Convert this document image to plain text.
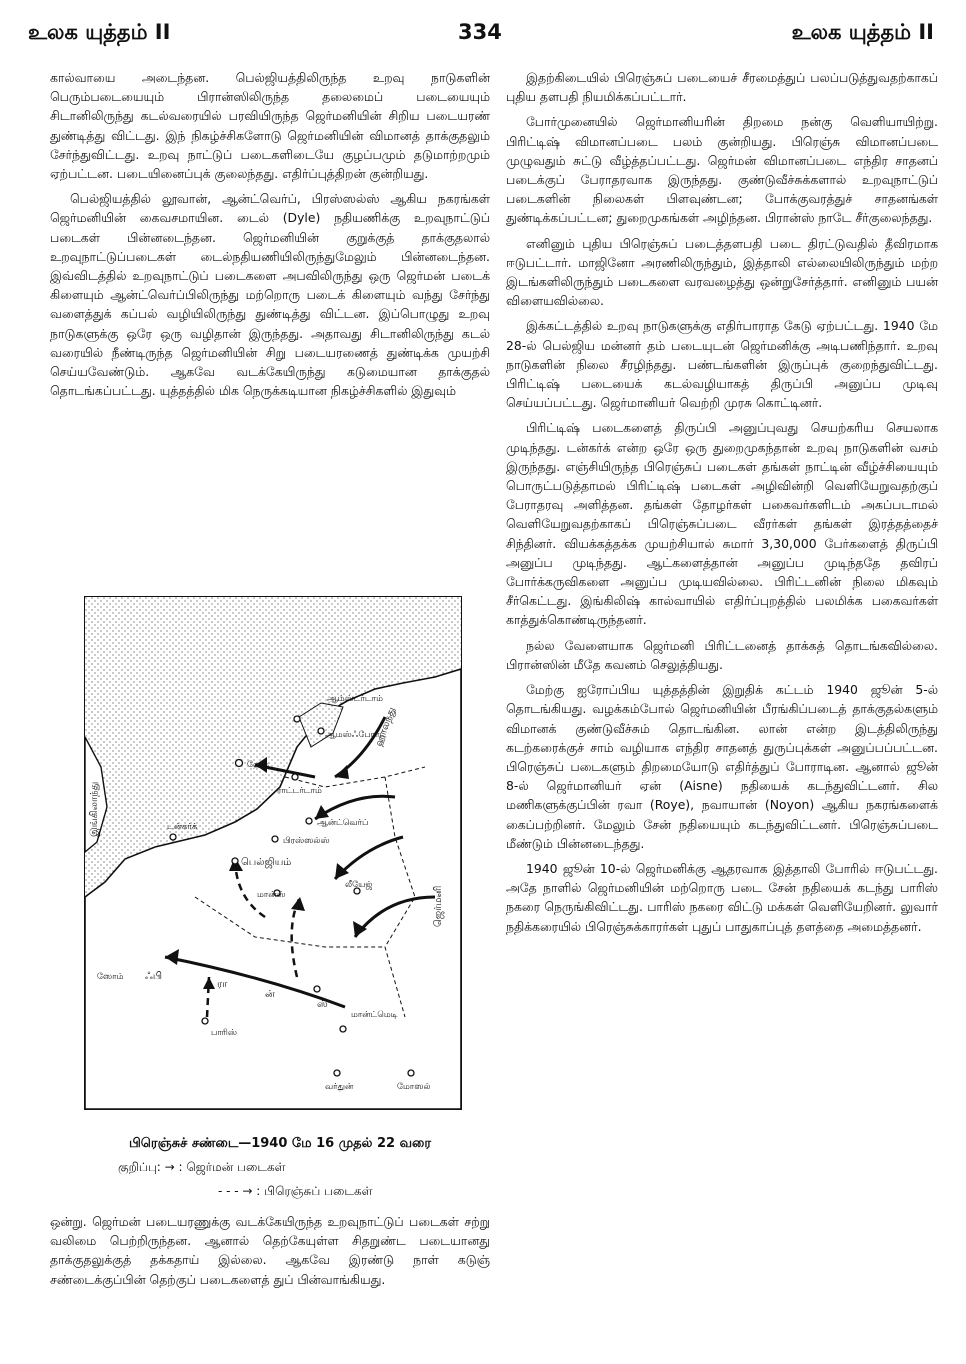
உலக யுத்தம் II	334	உலக யுத்தம் II

கால்வாயை அடைந்தன. பெல்ஜியத்திலிருந்த உறவு நாடுகளின் பெரும்படையையும் பிரான்ஸிலிருந்த தலைமைப் படையையும் சிடானிலிருந்து கடல்வரையில் பரவியிருந்த ஜெர்மனியின் சிறிய படையரண் துண்டித்து விட்டது. இந் நிகழ்ச்சிகளோடு ஜெர்மனியின் விமானத் தாக்குதலும் சேர்ந்துவிட்டது. உறவு நாட்டுப் படைகளிடையே குழப்பமும் தடுமாற்றமும் ஏற்பட்டன. படையினைப்புக் குலைந்தது. எதிர்ப்புத்திறன் குன்றியது.

பெல்ஜியத்தில் லூவான், ஆன்ட்வெர்ப், பிரஸ்ஸல்ஸ் ஆகிய நகரங்கள் ஜெர்மனியின் கைவசமாயின. டைல் (Dyle) நதியணிக்கு உறவுநாட்டுப் படைகள் பின்னடைந்தன. ஜெர்மனியின் குறுக்குத் தாக்குதலால் உறவுநாட்டுப்படைகள் டைல்நதியணியிலிருந்துமேலும் பின்னடைந்தன. இவ்விடத்தில் உறவுநாட்டுப் படைகளை அபவிலிருந்து ஒரு ஜெர்மன் படைக் கிளையும் ஆன்ட்வெர்ப்பிலிருந்து மற்றொரு படைக் கிளையும் வந்து சேர்ந்து வளைத்துக் கப்பல் வழியிலிருந்து துண்டித்து விட்டன. இப்பொழுது உறவு நாடுகளுக்கு ஒரே ஒரு வழிதான் இருந்தது. அதாவது சிடானிலிருந்து கடல் வரையில் நீண்டிருந்த ஜெர்மனியின் சிறு படையரணைத் துண்டிக்க முயற்சி செய்யவேண்டும். ஆகவே வடக்கேயிருந்து கடுமையான தாக்குதல் தொடங்கப்பட்டது. யுத்தத்தில் மிக நெருக்கடியான நிகழ்ச்சிகளில் இதுவும்

ஆம்ஸ்டர்டாம்
ஆமஸ்ஃபோர்ட்
ஹேக்
ராட்டர்டாம்
ஆன்ட்வெர்ப்
டன்கர்க்
பிரஸ்ஸல்ஸ்
பெல்ஜியம்
மான்ஸ்
லீயேஜ்
ஹாலந்து
ஜெர்மனி
இங்கிலாந்து
ஸோம் ஃபி
ரா
ன்
ஸ்
பாரிஸ்
மான்ட்மெடி
வர்துன்	மோஸல்
பிரெஞ்சுச் சண்டை—1940 மே 16 முதல் 22 வரை
குறிப்பு: → : ஜெர்மன் படைகள்
- - - → : பிரெஞ்சுப் படைகள்

ஒன்று. ஜெர்மன் படையரணுக்கு வடக்கேயிருந்த உறவுநாட்டுப் படைகள் சற்று வலிமை பெற்றிருந்தன. ஆனால் தெற்கேயுள்ள சிதறுண்ட படையானது தாக்குதலுக்குத் தக்கதாய் இல்லை. ஆகவே இரண்டு நாள் கடுஞ் சண்டைக்குப்பின் தெற்குப் படைகளைத் துப் பின்வாங்கியது.

இதற்கிடையில் பிரெஞ்சுப் படையைச் சீரமைத்துப் பலப்படுத்துவதற்காகப் புதிய தளபதி நியமிக்கப்பட்டார்.

போர்முனையில் ஜெர்மானியரின் திறமை நன்கு வெளியாயிற்று. பிரிட்டிஷ் விமானப்படை பலம் குன்றியது. பிரெஞ்சு விமானப்படை முழுவதும் சுட்டு வீழ்த்தப்பட்டது. ஜெர்மன் விமானப்படை எந்திர சாதனப் படைக்குப் பேராதரவாக இருந்தது. குண்டுவீச்சுக்களால் உறவுநாட்டுப் படைகளின் நிலைகள் பிளவுண்டன; போக்குவரத்துச் சாதனங்கள் துண்டிக்கப்பட்டன; துறைமுகங்கள் அழிந்தன. பிரான்ஸ் நாடே சீர்குலைந்தது.

எனினும் புதிய பிரெஞ்சுப் படைத்தளபதி படை திரட்டுவதில் தீவிரமாக ஈடுபட்டார். மாஜினோ அரணிலிருந்தும், இத்தாலி எல்லையிலிருந்தும் மற்ற இடங்களிலிருந்தும் படைகளை வரவழைத்து ஒன்றுசேர்த்தார். எனினும் பயன் விளையவில்லை.

இக்கட்டத்தில் உறவு நாடுகளுக்கு எதிர்பாராத கேடு ஏற்பட்டது. 1940 மே 28-ல் பெல்ஜிய மன்னர் தம் படையுடன் ஜெர்மனிக்கு அடிபணிந்தார். உறவு நாடுகளின் நிலை சீரழிந்தது. பண்டங்களின் இருப்புக் குறைந்துவிட்டது. பிரிட்டிஷ் படையைக் கடல்வழியாகத் திருப்பி அனுப்ப முடிவு செய்யப்பட்டது. ஜெர்மானியர் வெற்றி முரசு கொட்டினர்.

பிரிட்டிஷ் படைகளைத் திருப்பி அனுப்புவது செயற்கரிய செயலாக முடிந்தது. டன்கர்க் என்ற ஒரே ஒரு துறைமுகந்தான் உறவு நாடுகளின் வசம் இருந்தது. எஞ்சியிருந்த பிரெஞ்சுப் படைகள் தங்கள் நாட்டின் வீழ்ச்சியையும் பொருட்படுத்தாமல் பிரிட்டிஷ் படைகள் அழிவின்றி வெளியேறுவதற்குப் பேராதரவு அளித்தன. தங்கள் தோழர்கள் பகைவர்களிடம் அகப்படாமல் வெளியேறுவதற்காகப் பிரெஞ்சுப்படை வீரர்கள் தங்கள் இரத்தத்தைச் சிந்தினர். வியக்கத்தக்க முயற்சியால் சுமார் 3,30,000 பேர்களைத் திருப்பி அனுப்ப முடிந்தது. ஆட்களைத்தான் அனுப்ப முடிந்ததே தவிரப் போர்க்கருவிகளை அனுப்ப முடியவில்லை. பிரிட்டனின் நிலை மிகவும் சீர்கெட்டது. இங்கிலிஷ் கால்வாயில் எதிர்ப்புறத்தில் பலமிக்க பகைவர்கள் காத்துக்கொண்டிருந்தனர்.

நல்ல வேளையாக ஜெர்மனி பிரிட்டனைத் தாக்கத் தொடங்கவில்லை. பிரான்ஸின் மீதே கவனம் செலுத்தியது.

மேற்கு ஐரோப்பிய யுத்தத்தின் இறுதிக் கட்டம் 1940 ஜூன் 5-ல் தொடங்கியது. வழக்கம்போல் ஜெர்மனியின் பீரங்கிப்படைத் தாக்குதல்களும் விமானக் குண்டுவீச்சும் தொடங்கின. லான் என்ற இடத்திலிருந்து கடற்கரைக்குச் சாம் வழியாக எந்திர சாதனத் துருப்புக்கள் அனுப்பப்பட்டன. பிரெஞ்சுப் படைகளும் திறமையோடு எதிர்த்துப் போராடின. ஆனால் ஜூன் 8-ல் ஜெர்மானியர் ஏன் (Aisne) நதியைக் கடந்துவிட்டனர். சில மணிகளுக்குப்பின் ரவா (Roye), நவாயான் (Noyon) ஆகிய நகரங்களைக் கைப்பற்றினர். மேலும் சேன் நதியையும் கடந்துவிட்டனர். பிரெஞ்சுப்படை மீண்டும் பின்னடைந்தது.

1940 ஜூன் 10-ல் ஜெர்மனிக்கு ஆதரவாக இத்தாலி போரில் ஈடுபட்டது. அதே நாளில் ஜெர்மனியின் மற்றொரு படை சேன் நதியைக் கடந்து பாரிஸ் நகரை நெருங்கிவிட்டது. பாரிஸ் நகரை விட்டு மக்கள் வெளியேறினர். லுவார் நதிக்கரையில் பிரெஞ்சுக்காரர்கள் புதுப் பாதுகாப்புத் தளத்தை அமைத்தனர்.
